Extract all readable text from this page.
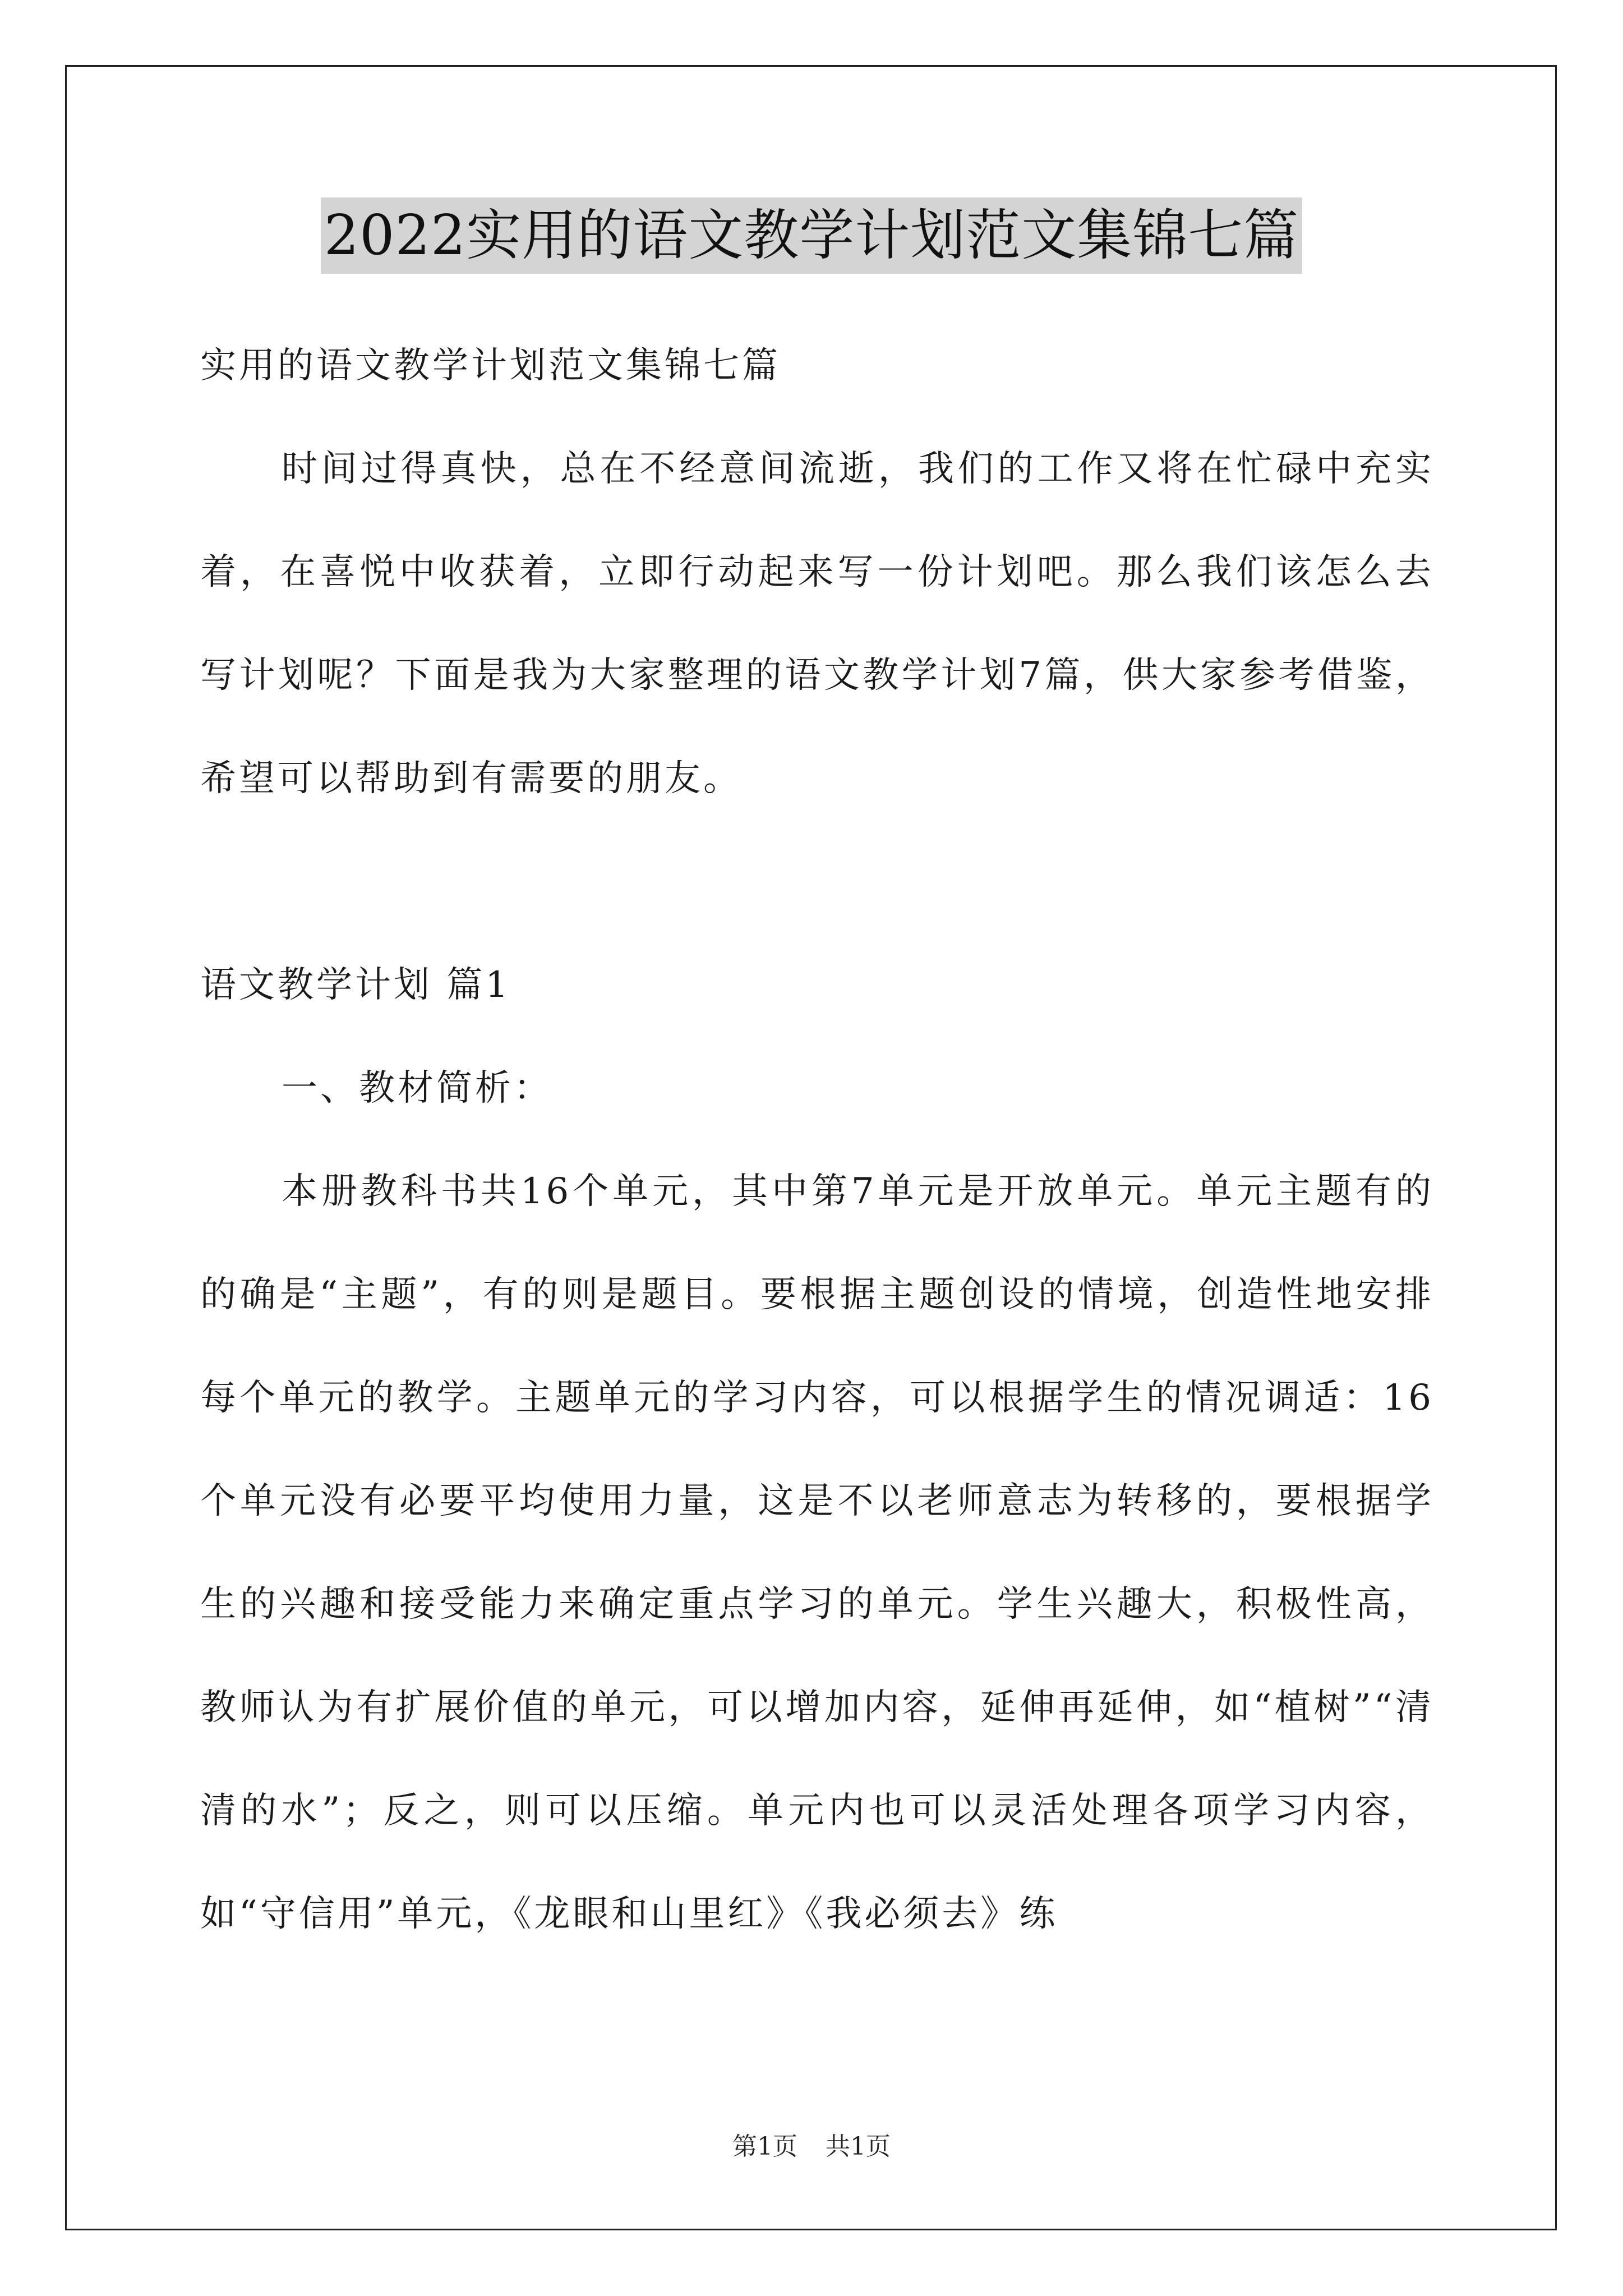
2022实用的语文教学计划范文集锦七篇

实用的语文教学计划范文集锦七篇

时间过得真快，总在不经意间流逝，我们的工作又将在忙碌中充实着，在喜悦中收获着，立即行动起来写一份计划吧。那么我们该怎么去写计划呢？下面是我为大家整理的语文教学计划7篇，供大家参考借鉴，希望可以帮助到有需要的朋友。

语文教学计划 篇1

一、教材简析：

本册教科书共16个单元，其中第7单元是开放单元。单元主题有的的确是“主题”，有的则是题目。要根据主题创设的情境，创造性地安排每个单元的教学。主题单元的学习内容，可以根据学生的情况调适：16个单元没有必要平均使用力量，这是不以老师意志为转移的，要根据学生的兴趣和接受能力来确定重点学习的单元。学生兴趣大，积极性高，教师认为有扩展价值的单元，可以增加内容，延伸再延伸，如“植树”“清清的水”；反之，则可以压缩。单元内也可以灵活处理各项学习内容，如“守信用”单元，《龙眼和山里红》《我必须去》练

第1页 共1页
